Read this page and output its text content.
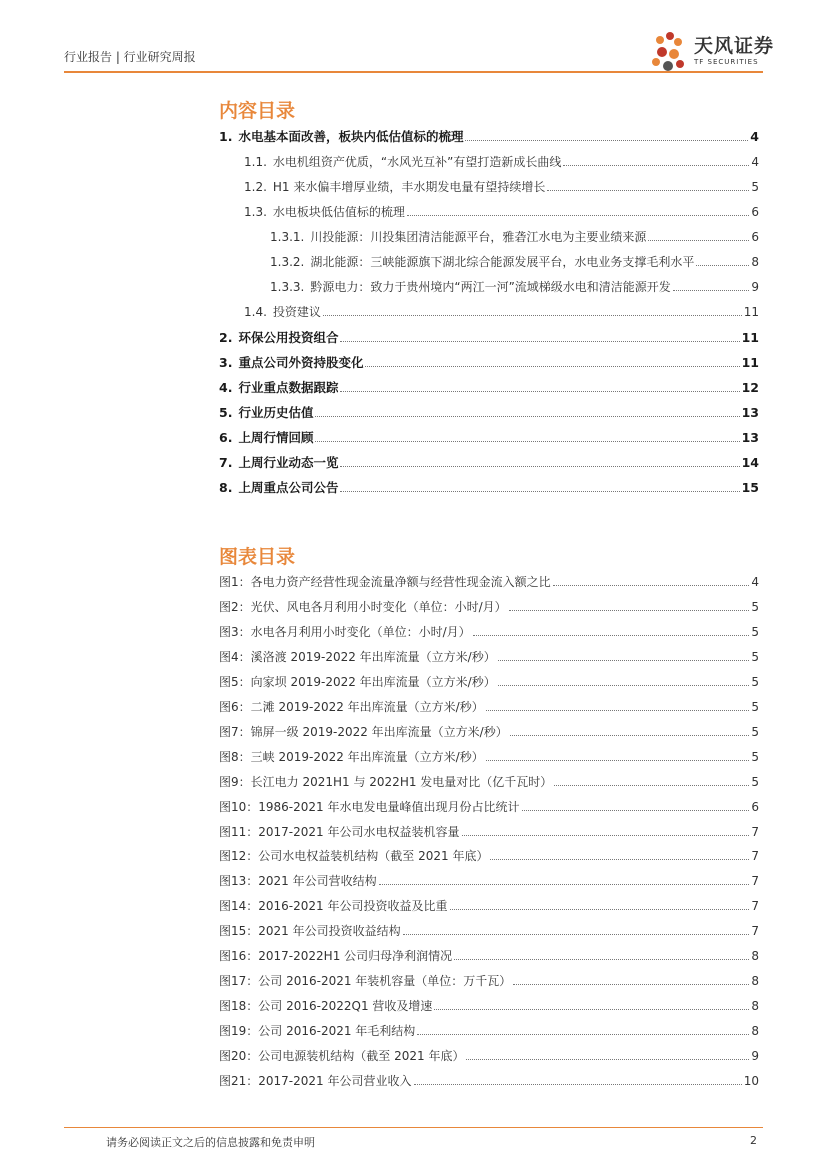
行业报告 | 行业研究周报	天风证券
TF SECURITIES
内容目录
1. 水电基本面改善，板块内低估值标的梳理	4
1.1. 水电机组资产优质，“水风光互补”有望打造新成长曲线	4
1.2. H1 来水偏丰增厚业绩，丰水期发电量有望持续增长	5
1.3. 水电板块低估值标的梳理	6
1.3.1. 川投能源：川投集团清洁能源平台，雅砻江水电为主要业绩来源	6
1.3.2. 湖北能源：三峡能源旗下湖北综合能源发展平台，水电业务支撑毛利水平	8
1.3.3. 黔源电力：致力于贵州境内“两江一河”流域梯级水电和清洁能源开发	9
1.4. 投资建议	11
2. 环保公用投资组合	11
3. 重点公司外资持股变化	11
4. 行业重点数据跟踪	12
5. 行业历史估值	13
6. 上周行情回顾	13
7. 上周行业动态一览	14
8. 上周重点公司公告	15
图表目录
图1：各电力资产经营性现金流量净额与经营性现金流入额之比	4
图2：光伏、风电各月利用小时变化（单位：小时/月）	5
图3：水电各月利用小时变化（单位：小时/月）	5
图4：溪洛渡 2019-2022 年出库流量（立方米/秒）	5
图5：向家坝 2019-2022 年出库流量（立方米/秒）	5
图6：二滩 2019-2022 年出库流量（立方米/秒）	5
图7：锦屏一级 2019-2022 年出库流量（立方米/秒）	5
图8：三峡 2019-2022 年出库流量（立方米/秒）	5
图9：长江电力 2021H1 与 2022H1 发电量对比（亿千瓦时）	5
图10：1986-2021 年水电发电量峰值出现月份占比统计	6
图11：2017-2021 年公司水电权益装机容量	7
图12：公司水电权益装机结构（截至 2021 年底）	7
图13：2021 年公司营收结构	7
图14：2016-2021 年公司投资收益及比重	7
图15：2021 年公司投资收益结构	7
图16：2017-2022H1 公司归母净利润情况	8
图17：公司 2016-2021 年装机容量（单位：万千瓦）	8
图18：公司 2016-2022Q1 营收及增速	8
图19：公司 2016-2021 年毛利结构	8
图20：公司电源装机结构（截至 2021 年底）	9
图21：2017-2021 年公司营业收入	10
请务必阅读正文之后的信息披露和免责申明	2
